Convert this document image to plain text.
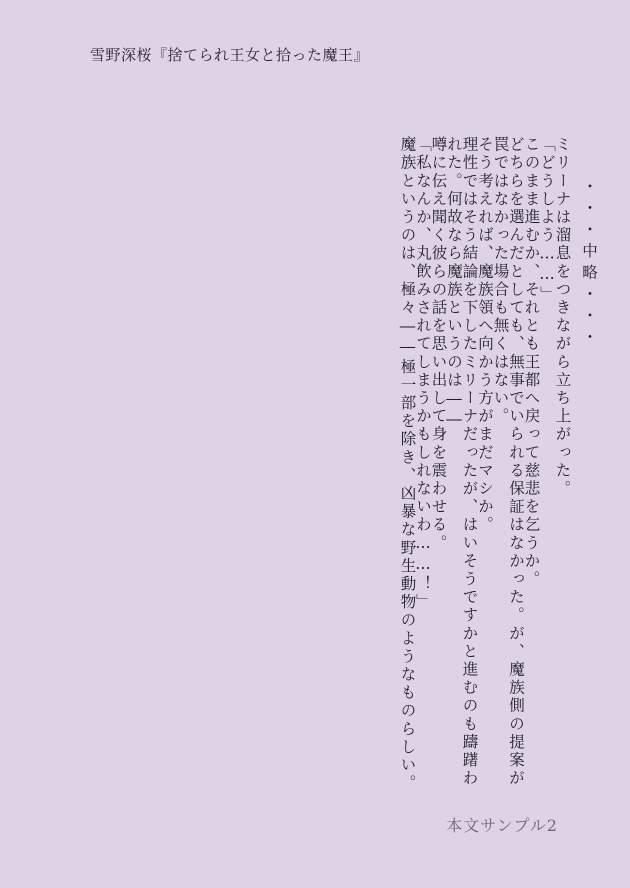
雪野深桜『捨てられ王女と拾った魔王』
・・・中略・・・
ミリーナは溜息をつきながら立ち上がった。
「どうしよう……」
このまま進むか、それとも王都へ戻って慈悲を乞うか。
どちらを選んだとしても、無事でいられる保証はなかった。が、魔族側の提案が
罠ではなかった場合も無くはない。
そう考えれば、魔族領へ向かう方がまだマシか。
理性ではそう結論を下したミリーナだったが、はいそうですかと進むのも躊躇わ
れた。何故なら魔族というのは――
噂に伝え聞く彼らの話を思い出して身を震わせる。
「私なんか、丸飲みされてしまうかもしれないわ……！」
魔族というのは、極々――極一部を除き、凶暴な野生動物のようなものらしい。
本文サンプル2
